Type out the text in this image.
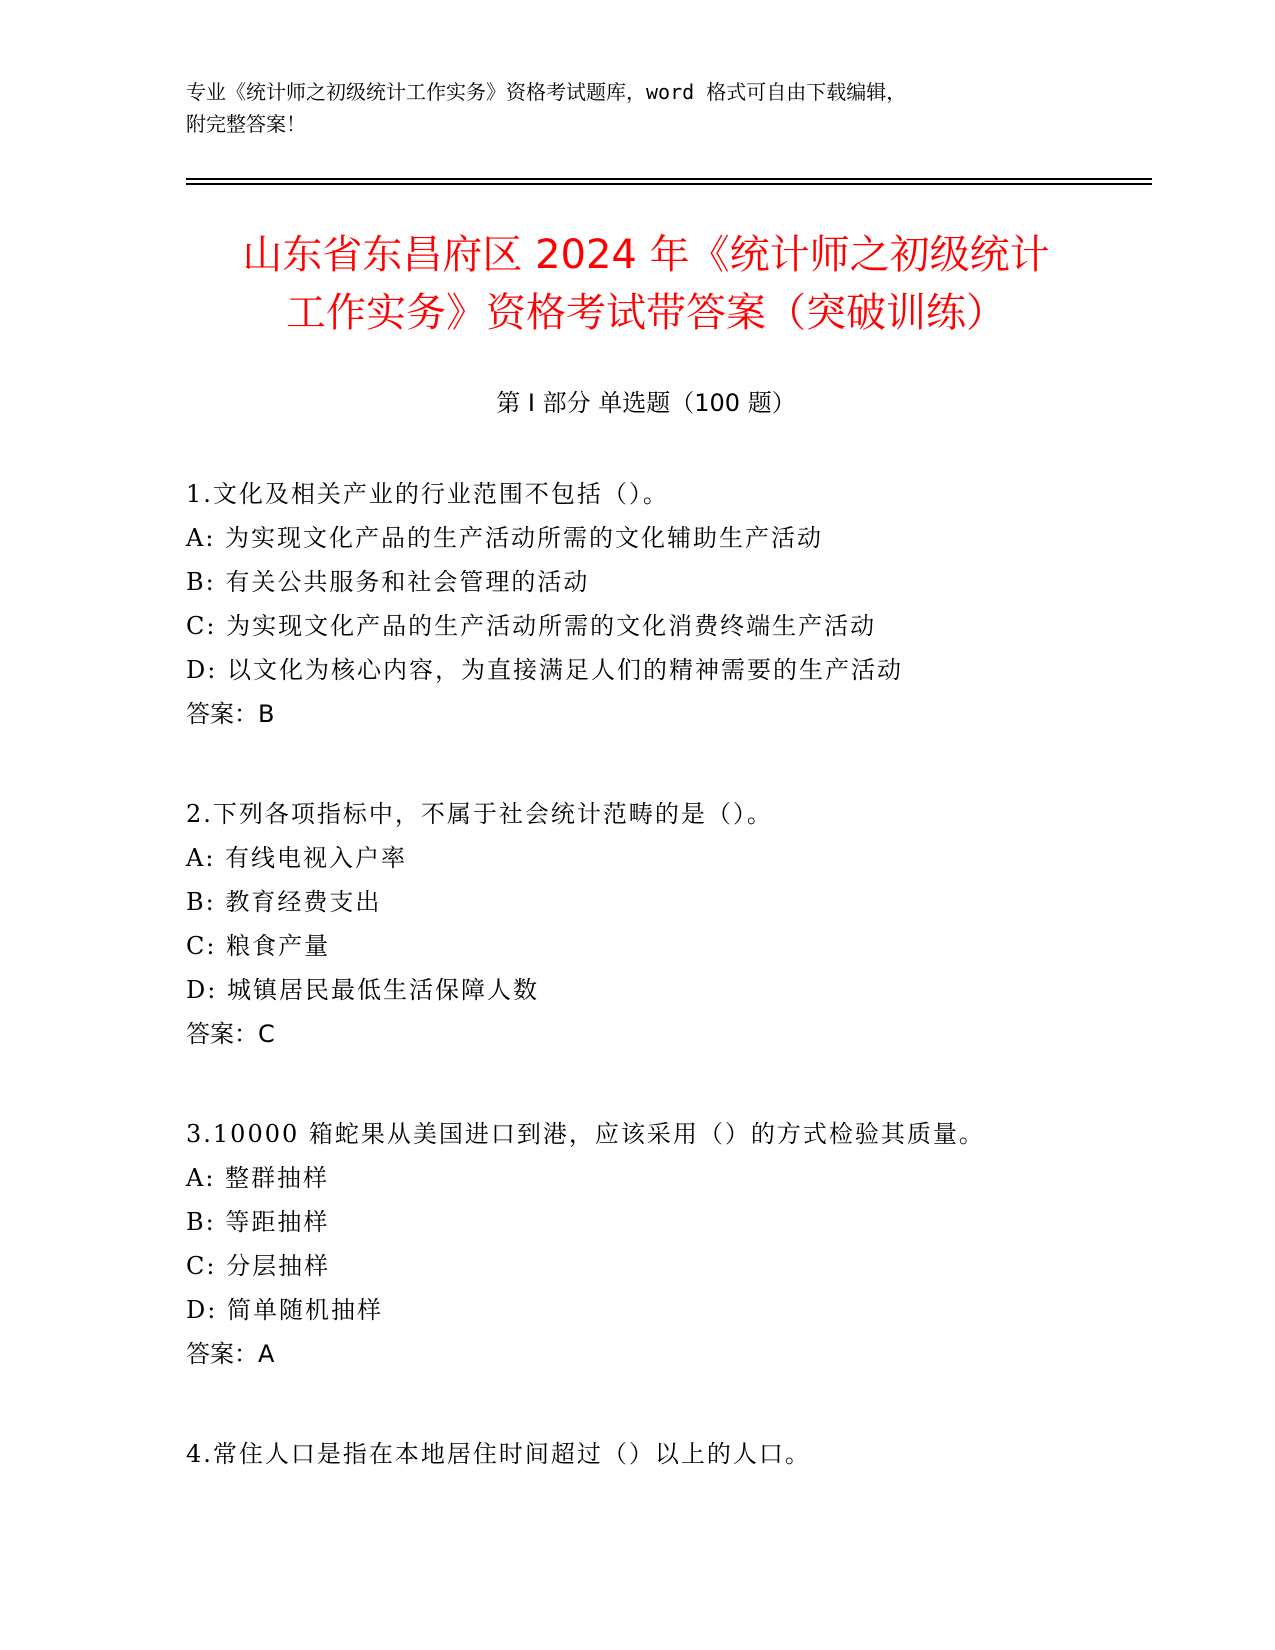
专业《统计师之初级统计工作实务》资格考试题库，word 格式可自由下载编辑，
附完整答案！
山东省东昌府区 2024 年《统计师之初级统计
工作实务》资格考试带答案（突破训练）
第 I 部分 单选题（100 题）
1.文化及相关产业的行业范围不包括（）。
A: 为实现文化产品的生产活动所需的文化辅助生产活动
B: 有关公共服务和社会管理的活动
C: 为实现文化产品的生产活动所需的文化消费终端生产活动
D: 以文化为核心内容，为直接满足人们的精神需要的生产活动
答案：B
2.下列各项指标中，不属于社会统计范畴的是（）。
A: 有线电视入户率
B: 教育经费支出
C: 粮食产量
D: 城镇居民最低生活保障人数
答案：C
3.10000 箱蛇果从美国进口到港，应该采用（）的方式检验其质量。
A: 整群抽样
B: 等距抽样
C: 分层抽样
D: 简单随机抽样
答案：A
4.常住人口是指在本地居住时间超过（）以上的人口。
